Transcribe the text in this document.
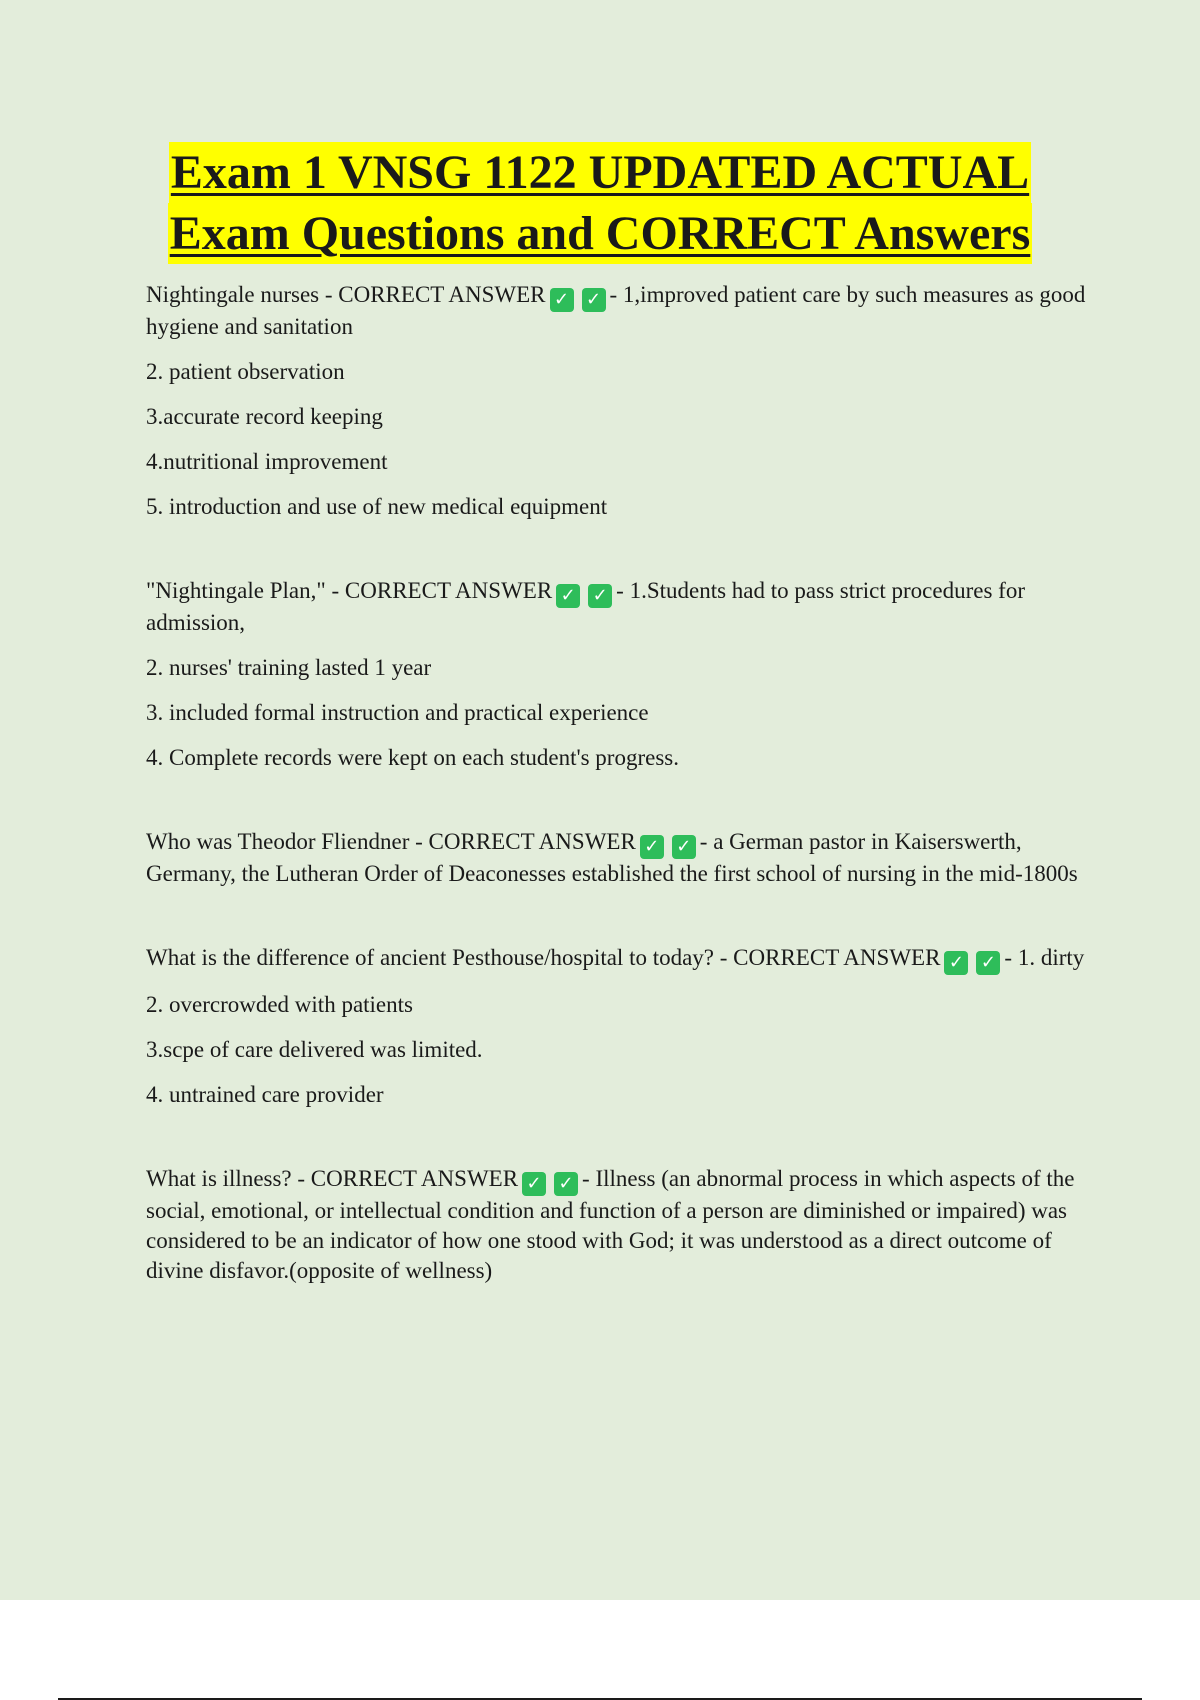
Exam 1 VNSG 1122 UPDATED ACTUAL
Exam Questions and CORRECT Answers

Nightingale nurses - CORRECT ANSWER ✓ ✓ - 1,improved patient care by such measures as good hygiene and sanitation

2. patient observation

3.accurate record keeping

4.nutritional improvement

5. introduction and use of new medical equipment

"Nightingale Plan," - CORRECT ANSWER ✓ ✓ - 1.Students had to pass strict procedures for admission,

2. nurses' training lasted 1 year

3. included formal instruction and practical experience

4. Complete records were kept on each student's progress.

Who was Theodor Fliendner - CORRECT ANSWER ✓ ✓ - a German pastor in Kaiserswerth, Germany, the Lutheran Order of Deaconesses established the first school of nursing in the mid-1800s

What is the difference of ancient Pesthouse/hospital to today? - CORRECT ANSWER ✓ ✓ - 1. dirty

2. overcrowded with patients

3.scpe of care delivered was limited.

4. untrained care provider

What is illness? - CORRECT ANSWER ✓ ✓ - Illness (an abnormal process in which aspects of the social, emotional, or intellectual condition and function of a person are diminished or impaired) was considered to be an indicator of how one stood with God; it was understood as a direct outcome of divine disfavor.(opposite of wellness)
